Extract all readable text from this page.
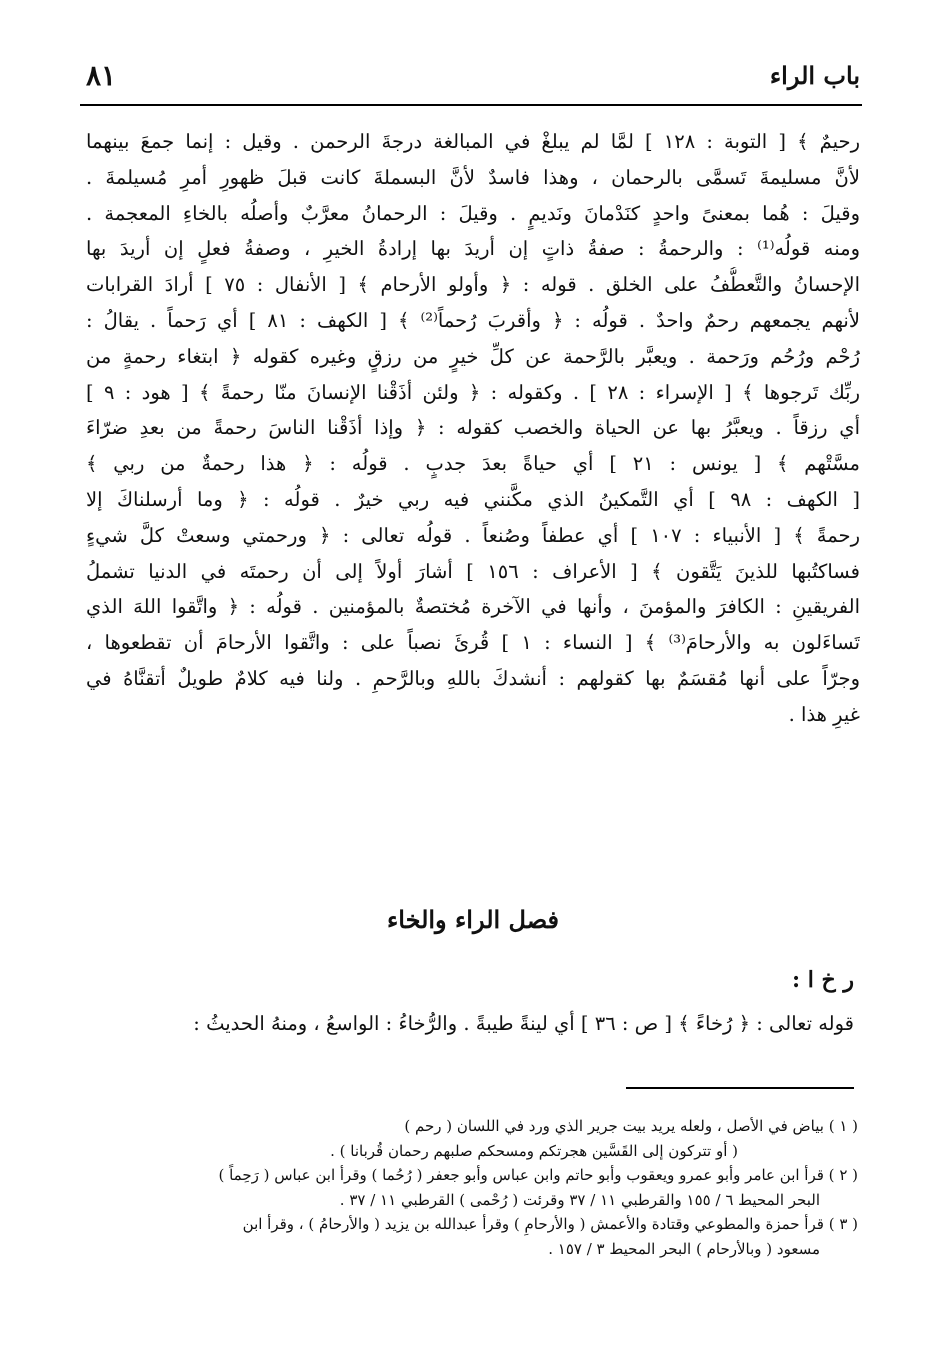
٨١	باب الراء
رحيمٌ ﴾ [ التوبة : ١٢٨ ] لمَّا لم يبلغْ في المبالغة درجةَ الرحمن . وقيل : إنما جمعَ بينهما
لأنَّ مسليمةَ تَسمَّى بالرحمان ، وهذا فاسدٌ لأنَّ البسملةَ كانت قبلَ ظهورِ أمرِ مُسيلمةَ .
وقيلَ : هُما بمعنىً واحدٍ كنَدْمانَ ونَديمٍ . وقيلَ : الرحمانُ معرَّبٌ وأصلُه بالخاءِ المعجمة .
ومنه قولُه⁽¹⁾ : والرحمةُ : صفةُ ذاتٍ إن أريدَ بها إرادةُ الخيرِ ، وصفةُ فعلٍ إن أريدَ بها
الإحسانُ والتَّعطُّفُ على الخلق . قوله : ﴿ وأولو الأرحام ﴾ [ الأنفال : ٧٥ ] أرادَ القرابات
لأنهم يجمعهم رحمٌ واحدٌ . قولُه : ﴿ وأقربَ رُحماً⁽²⁾ ﴾ [ الكهف : ٨١ ] أي رَحماً . يقالُ :
رُحْم ورُحُم ورَحمة . ويعبَّر بالرَّحمة عن كلِّ خيرٍ من رزقٍ وغيره كقوله ﴿ ابتغاء رحمةٍ من
ربِّك تَرجوها ﴾ [ الإسراء : ٢٨ ] . وكقوله : ﴿ ولئن أذَقْنا الإنسانَ منّا رحمةً ﴾ [ هود : ٩ ]
أي رزقاً . ويعبَّرُ بها عن الحياة والخصب كقوله : ﴿ وإذا أذَقْنا الناسَ رحمةً من بعدِ ضرّاءَ
مسَّتْهم ﴾ [ يونس : ٢١ ] أي حياةً بعدَ جدبٍ . قولُه : ﴿ هذا رحمةٌ من ربي ﴾
[ الكهف : ٩٨ ] أي التَّمكينُ الذي مكَّنني فيه ربي خيرٌ . قولُه : ﴿ وما أرسلناكَ إلا
رحمةً ﴾ [ الأنبياء : ١٠٧ ] أي عطفاً وصُنعاً . قولُه تعالى : ﴿ ورحمتي وسعتْ كلَّ شيءٍ
فساكتُبها للذينَ يَتَّقون ﴾ [ الأعراف : ١٥٦ ] أشارَ أولاً إلى أن رحمتَه في الدنيا تشملُ
الفريقينِ : الكافرَ والمؤمنَ ، وأنها في الآخرة مُختصةٌ بالمؤمنين . قولُه : ﴿ واتَّقوا اللهَ الذي
تَساءَلون به والأرحامَ⁽³⁾ ﴾ [ النساء : ١ ] قُرئَ نصباً على : واتَّقوا الأرحامَ أن تقطعوها ،
وجرّاً على أنها مُقسَمٌ بها كقولهم : أنشدكَ باللهِ وبالرَّحمِ . ولنا فيه كلامٌ طويلٌ أتقنَّاهُ في
غيرِ هذا .
فصل الراء والخاء
ر خ ا :
قوله تعالى : ﴿ رُخاءً ﴾ [ ص : ٣٦ ] أي لينةً طيبةً . والرُّخاءُ : الواسعُ ، ومنهُ الحديثُ :
( ١ ) بياض في الأصل ، ولعله يريد بيت جرير الذي ورد في اللسان ( رحم )
( أو تتركون إلى القَسَّين هجرتكم ومسحكم صلبهم رحمان قُربانا ) .
( ٢ ) قرأ ابن عامر وأبو عمرو ويعقوب وأبو حاتم وابن عباس وأبو جعفر ( رُحُما ) وقرأ ابن عباس ( رَحِماً )
البحر المحيط ٦ / ١٥٥ والقرطبي ١١ / ٣٧ وقرئت ( رُحْمى ) القرطبي ١١ / ٣٧ .
( ٣ ) قرأ حمزة والمطوعي وقتادة والأعمش ( والأرحامِ ) وقرأ عبدالله بن يزيد ( والأرحامُ ) ، وقرأ ابن
مسعود ( وبالأرحام ) البحر المحيط ٣ / ١٥٧ .
